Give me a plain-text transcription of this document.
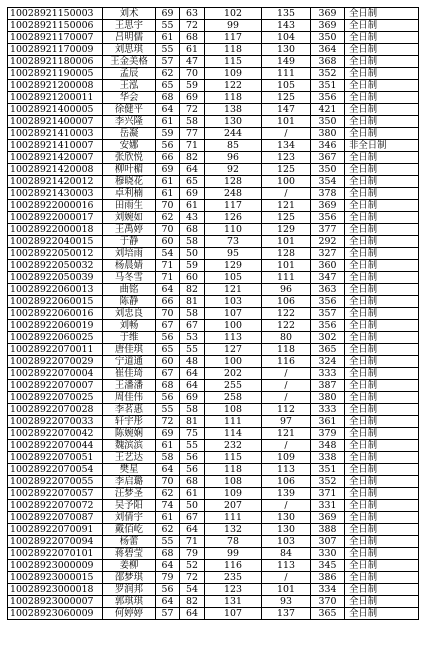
10028921150003	刘术	69	63	102	135	369	全日制
10028921150006	王思宇	55	72	99	143	369	全日制
10028921170007	吕明儒	61	68	117	104	350	全日制
10028921170009	刘思琪	55	61	118	130	364	全日制
10028921180006	王金美格	57	47	115	149	368	全日制
10028921190005	孟辰	62	70	109	111	352	全日制
10028921200008	王泓	65	59	122	105	351	全日制
10028921200011	华会	68	69	118	125	356	全日制
10028921400005	徐健平	64	72	138	147	421	全日制
10028921400007	李兴隆	61	58	130	101	350	全日制
10028921410003	岳凝	59	77	244	/	380	全日制
10028921410007	安娜	56	71	85	134	346	非全日制
10028921420007	张欣悦	66	82	96	123	367	全日制
10028921420008	柳叶楣	69	64	92	125	350	全日制
10028921420012	穆晓花	61	65	128	100	354	全日制
10028921430003	卓利楠	61	69	248	/	378	全日制
10028922000016	田雨生	70	61	117	121	369	全日制
10028922000017	刘婉如	62	43	126	125	356	全日制
10028922000018	王禹婷	70	68	110	129	377	全日制
10028922040015	于静	60	58	73	101	292	全日制
10028922050012	刘培雨	54	50	95	128	327	全日制
10028922050032	杨晨婧	71	59	129	101	360	全日制
10028922050039	马冬雪	71	60	105	111	347	全日制
10028922060013	曲铭	64	82	121	96	363	全日制
10028922060015	陈静	66	81	103	106	356	全日制
10028922060016	刘忠良	70	58	107	122	357	全日制
10028922060019	刘畅	67	67	100	122	356	全日制
10028922060025	于维	56	53	113	80	302	全日制
10028922070011	唐佳琪	65	55	127	118	365	全日制
10028922070029	宁道通	60	48	100	116	324	全日制
10028922070004	崔佳琦	67	64	202	/	333	全日制
10028922070007	王潘潘	68	64	255	/	387	全日制
10028922070025	周佳伟	56	69	258	/	380	全日制
10028922070028	李茗惠	55	58	108	112	333	全日制
10028922070033	轩宇彤	72	81	111	97	361	全日制
10028922070042	陈婉娴	69	75	114	121	379	全日制
10028922070044	魏滨滨	61	55	232	/	348	全日制
10028922070051	王艺达	58	56	115	109	338	全日制
10028922070054	樊星	64	56	118	113	351	全日制
10028922070055	李启璐	70	68	108	106	352	全日制
10028922070057	汪梦圣	62	61	109	139	371	全日制
10028922070072	吴予阳	74	50	207	/	331	全日制
10028922070087	刘倩宇	61	67	111	130	369	全日制
10028922070091	戴佰屹	62	64	132	130	388	全日制
10028922070094	杨蕾	55	71	78	103	307	全日制
10028922070101	蒋碧莹	68	79	99	84	330	全日制
10028923000009	姜柳	64	52	116	113	345	全日制
10028923000015	邵梦琪	79	72	235	/	386	全日制
10028923000018	罗润邦	56	54	123	101	334	全日制
10028923000007	郭琪琪	64	82	131	93	370	全日制
10028923060009	何婷婷	57	64	107	137	365	全日制
